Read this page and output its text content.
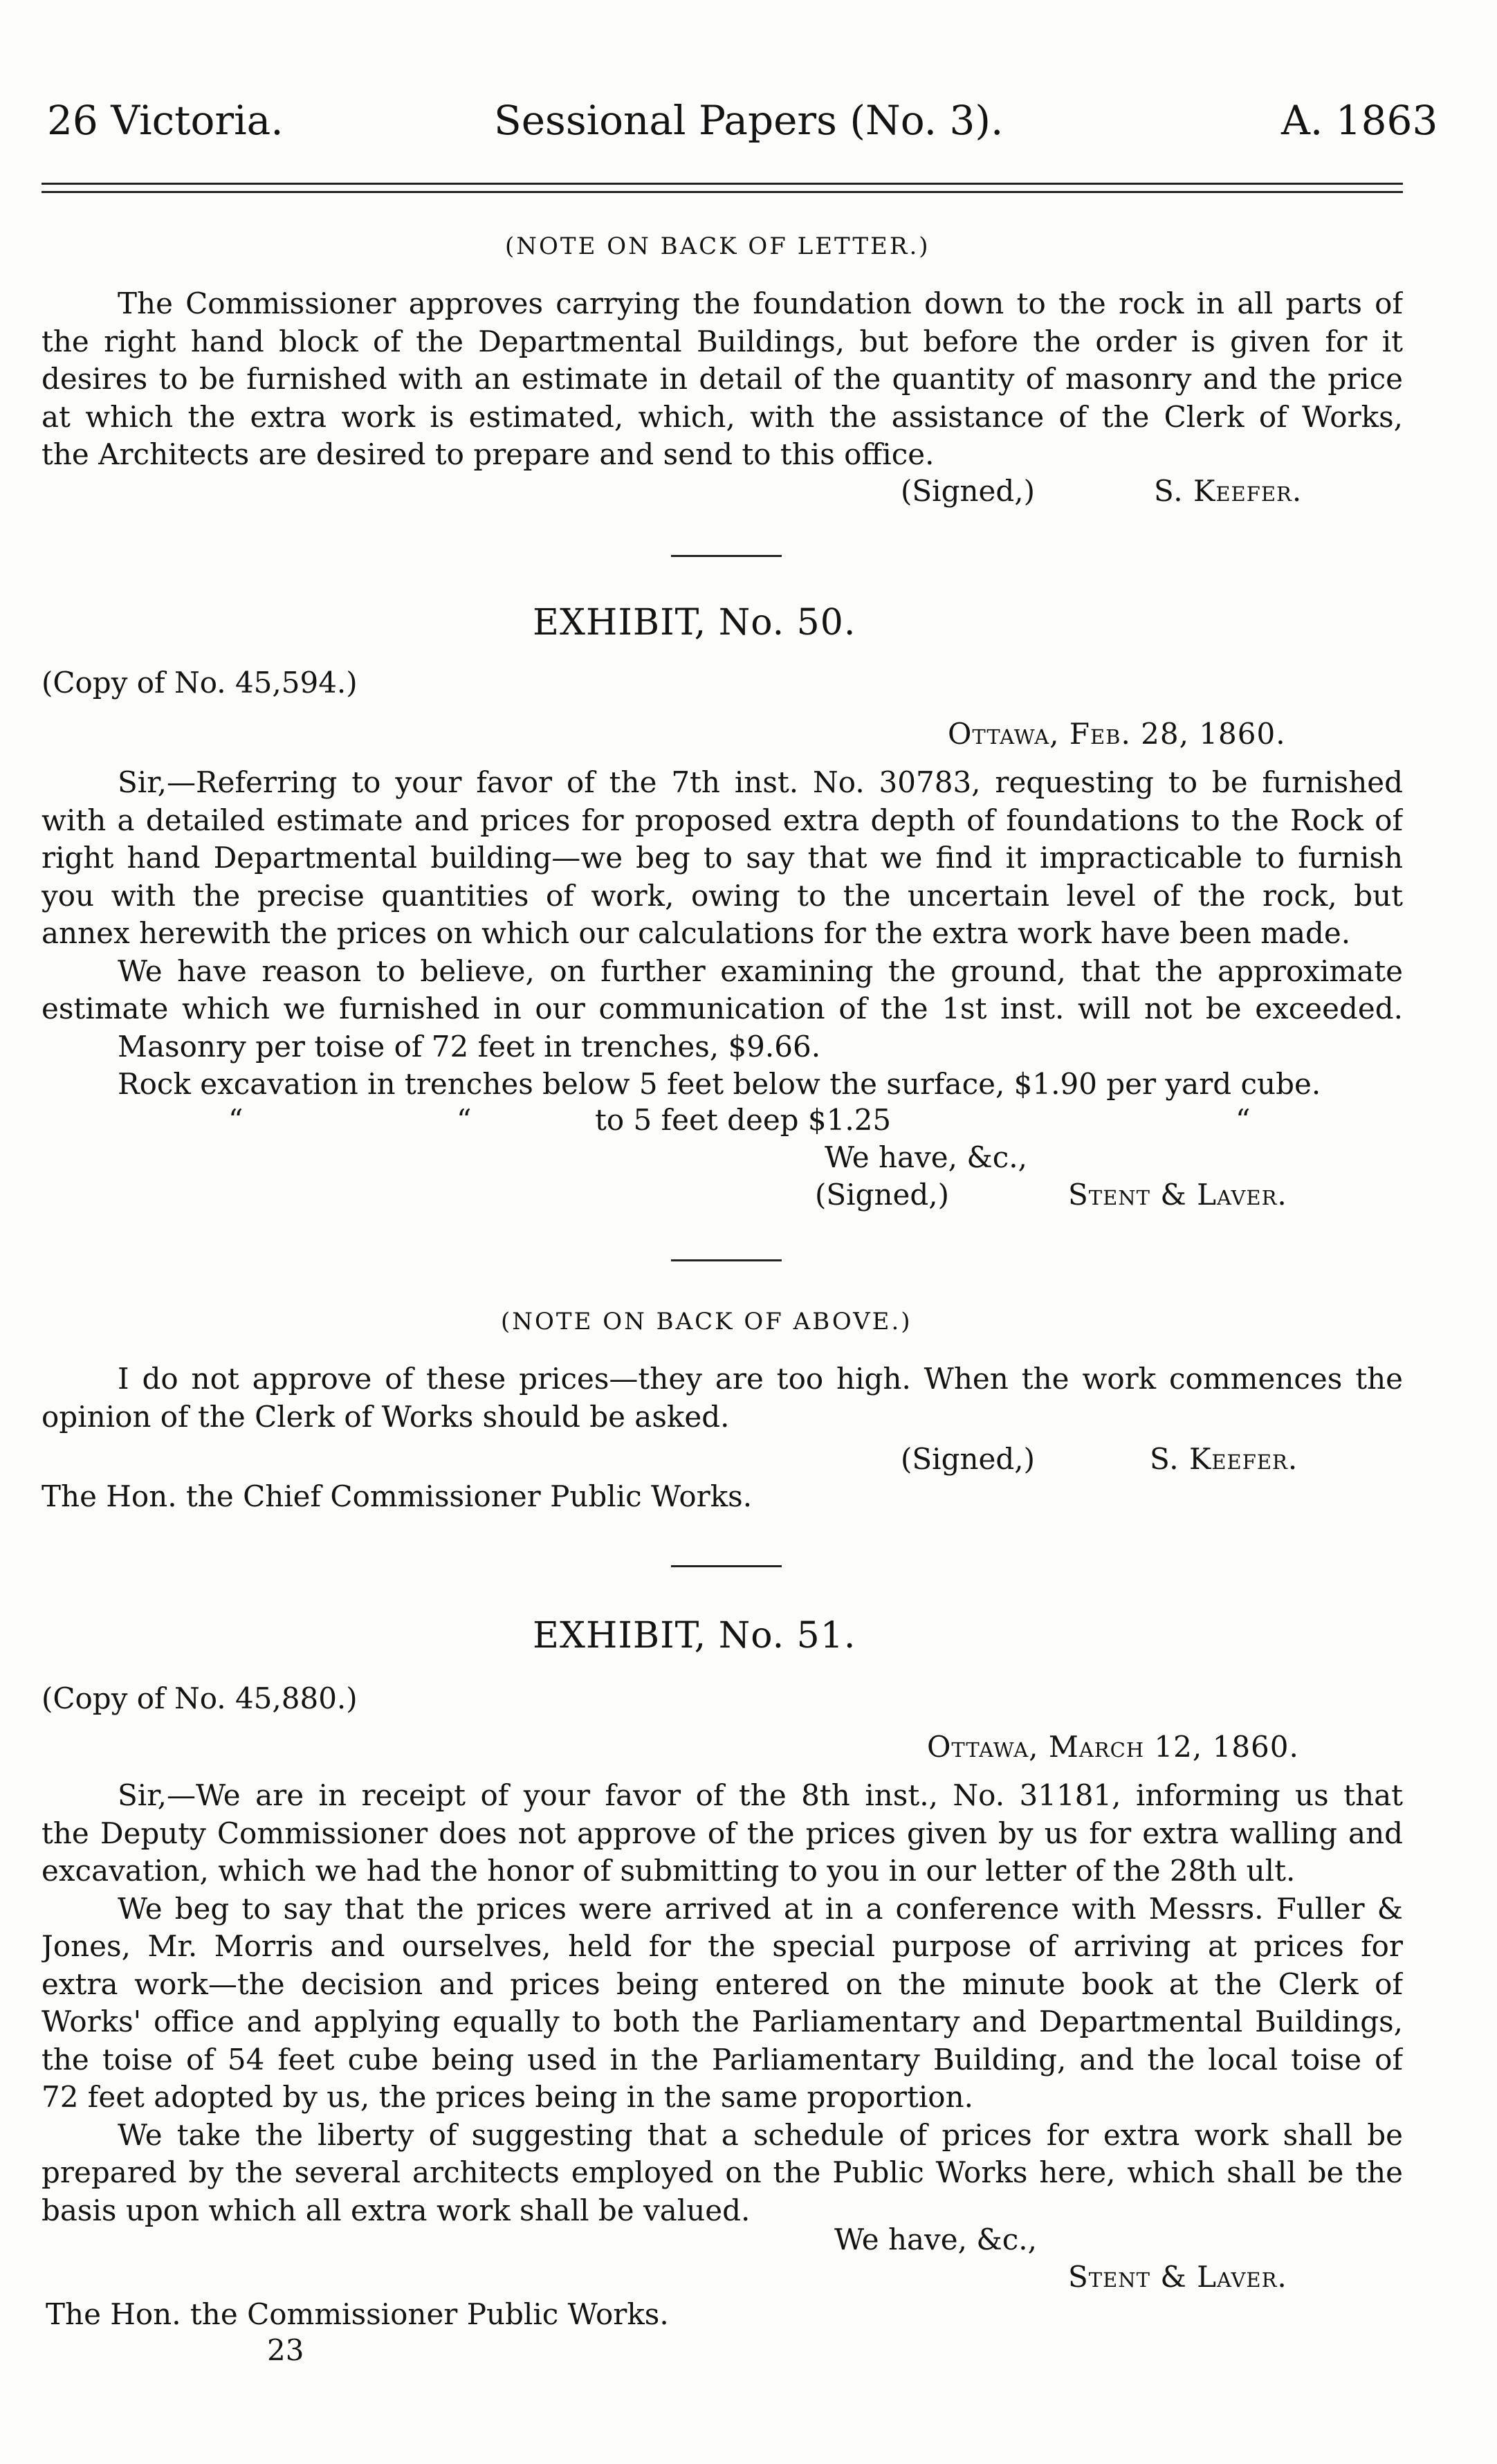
26 Victoria.	Sessional Papers (No. 3).	A. 1863
(NOTE ON BACK OF LETTER.)
The Commissioner approves carrying the foundation down to the rock in all parts of
the right hand block of the Departmental Buildings, but before the order is given for it
desires to be furnished with an estimate in detail of the quantity of masonry and the price
at which the extra work is estimated, which, with the assistance of the Clerk of Works,
the Architects are desired to prepare and send to this office.
(Signed,)	S. Keefer.
EXHIBIT, No. 50.
(Copy of No. 45,594.)
Ottawa, Feb. 28, 1860.
Sir,—Referring to your favor of the 7th inst. No. 30783, requesting to be furnished
with a detailed estimate and prices for proposed extra depth of foundations to the Rock of
right hand Departmental building—we beg to say that we find it impracticable to furnish
you with the precise quantities of work, owing to the uncertain level of the rock, but
annex herewith the prices on which our calculations for the extra work have been made.
We have reason to believe, on further examining the ground, that the approximate
estimate which we furnished in our communication of the 1st inst. will not be exceeded.
Masonry per toise of 72 feet in trenches, $9.66.
Rock excavation in trenches below 5 feet below the surface, $1.90 per yard cube.
“	“	to 5 feet deep $1.25	“
We have, &c.,
(Signed,)	Stent & Laver.
(NOTE ON BACK OF ABOVE.)
I do not approve of these prices—they are too high. When the work commences the
opinion of the Clerk of Works should be asked.
(Signed,)	S. Keefer.
The Hon. the Chief Commissioner Public Works.
EXHIBIT, No. 51.
(Copy of No. 45,880.)
Ottawa, March 12, 1860.
Sir,—We are in receipt of your favor of the 8th inst., No. 31181, informing us that
the Deputy Commissioner does not approve of the prices given by us for extra walling and
excavation, which we had the honor of submitting to you in our letter of the 28th ult.
We beg to say that the prices were arrived at in a conference with Messrs. Fuller &
Jones, Mr. Morris and ourselves, held for the special purpose of arriving at prices for
extra work—the decision and prices being entered on the minute book at the Clerk of
Works' office and applying equally to both the Parliamentary and Departmental Buildings,
the toise of 54 feet cube being used in the Parliamentary Building, and the local toise of
72 feet adopted by us, the prices being in the same proportion.
We take the liberty of suggesting that a schedule of prices for extra work shall be
prepared by the several architects employed on the Public Works here, which shall be the
basis upon which all extra work shall be valued.
We have, &c.,
Stent & Laver.
The Hon. the Commissioner Public Works.
23
